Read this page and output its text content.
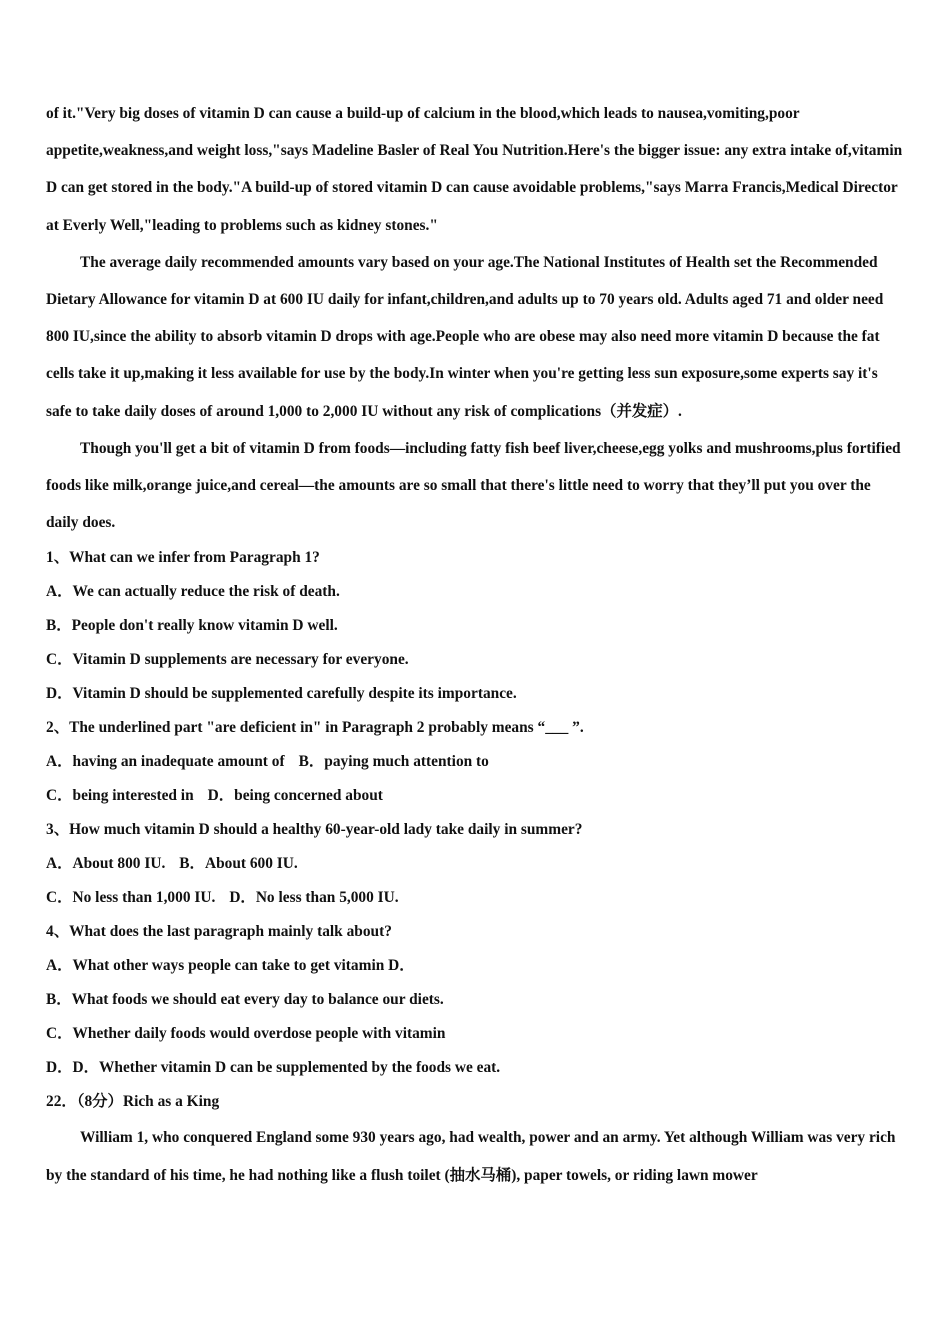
of it."Very big doses of vitamin D can cause a build-up of calcium in the blood,which leads to nausea,vomiting,poor appetite,weakness,and weight loss,"says Madeline Basler of Real You Nutrition.Here's the bigger issue: any extra intake of,vitamin D can get stored in the body."A build-up of stored vitamin D can cause avoidable problems,"says Marra Francis,Medical Director at Everly Well,"leading to problems such as kidney stones."

The average daily recommended amounts vary based on your age.The National Institutes of Health set the Recommended Dietary Allowance for vitamin D at 600 IU daily for infant,children,and adults up to 70 years old. Adults aged 71 and older need 800 IU,since the ability to absorb vitamin D drops with age.People who are obese may also need more vitamin D because the fat cells take it up,making it less available for use by the body.In winter when you're getting less sun exposure,some experts say it's safe to take daily doses of around 1,000 to 2,000 IU without any risk of complications（并发症）.

Though you'll get a bit of vitamin D from foods—including fatty fish beef liver,cheese,egg yolks and mushrooms,plus fortified foods like milk,orange juice,and cereal—the amounts are so small that there's little need to worry that they’ll put you over the daily does.

1、What can we infer from Paragraph 1?

A．We can actually reduce the risk of death.

B．People don't really know vitamin D well.

C．Vitamin D supplements are necessary for everyone.

D．Vitamin D should be supplemented carefully despite its importance.

2、The underlined part "are deficient in" in Paragraph 2 probably means “___ ”.

A．having an inadequate amount of B．paying much attention to

C．being interested in D．being concerned about

3、How much vitamin D should a healthy 60-year-old lady take daily in summer?

A．About 800 IU. B．About 600 IU.

C．No less than 1,000 IU. D．No less than 5,000 IU.

4、What does the last paragraph mainly talk about?

A．What other ways people can take to get vitamin D．

B．What foods we should eat every day to balance our diets.

C．Whether daily foods would overdose people with vitamin

D．D．Whether vitamin D can be supplemented by the foods we eat.

22．（8分）Rich as a King

William 1, who conquered England some 930 years ago, had wealth, power and an army. Yet although William was very rich by the standard of his time, he had nothing like a flush toilet (抽水马桶), paper towels, or riding lawn mower
